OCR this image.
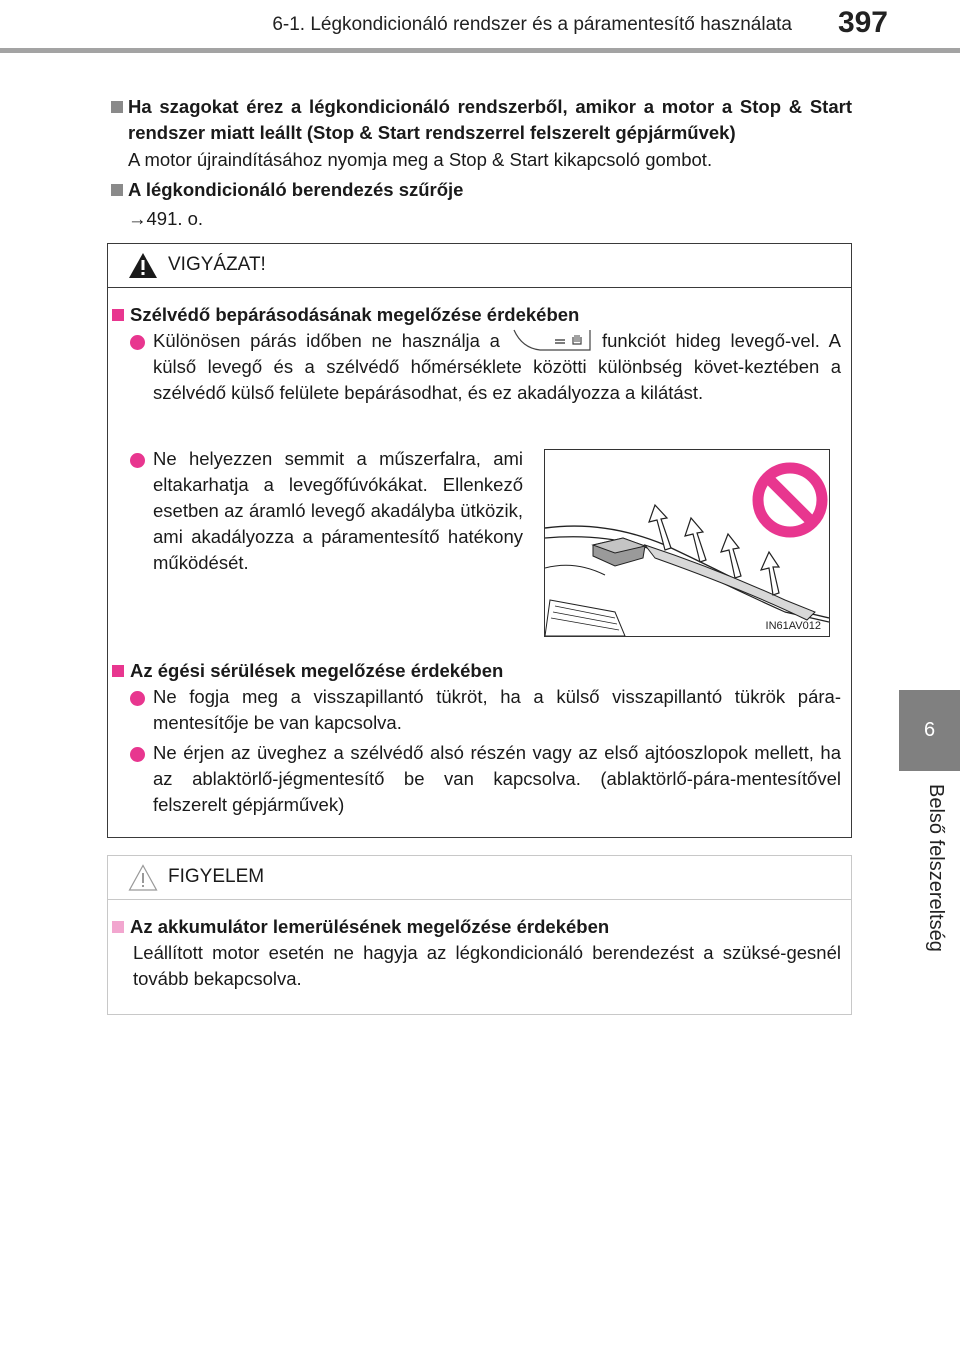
6-1. Légkondicionáló rendszer és a páramentesítő használata	397
6
Belső felszereltség
Ha szagokat érez a légkondicionáló rendszerből, amikor a motor a Stop & Start rendszer miatt leállt (Stop & Start rendszerrel felszerelt gépjárművek)
A motor újraindításához nyomja meg a Stop & Start kikapcsoló gombot.
A légkondicionáló berendezés szűrője
→491. o.
VIGYÁZAT!
Szélvédő bepárásodásának megelőzése érdekében
Különösen párás időben ne használja a	funkciót hideg levegő-vel. A külső levegő és a szélvédő hőmérséklete közötti különbség követ-keztében a szélvédő külső felülete bepárásodhat, és ez akadályozza a kilátást.
Ne helyezzen semmit a műszerfalra, ami eltakarhatja a levegőfúvókákat. Ellenkező esetben az áramló levegő akadályba ütközik, ami akadályozza a páramentesítő hatékony működését.
IN61AV012
Az égési sérülések megelőzése érdekében
Ne fogja meg a visszapillantó tükröt, ha a külső visszapillantó tükrök pára-mentesítője be van kapcsolva.
Ne érjen az üveghez a szélvédő alsó részén vagy az első ajtóoszlopok mellett, ha az ablaktörlő-jégmentesítő be van kapcsolva. (ablaktörlő-pára-mentesítővel felszerelt gépjárművek)
FIGYELEM
Az akkumulátor lemerülésének megelőzése érdekében
Leállított motor esetén ne hagyja az légkondicionáló berendezést a szüksé-gesnél tovább bekapcsolva.
